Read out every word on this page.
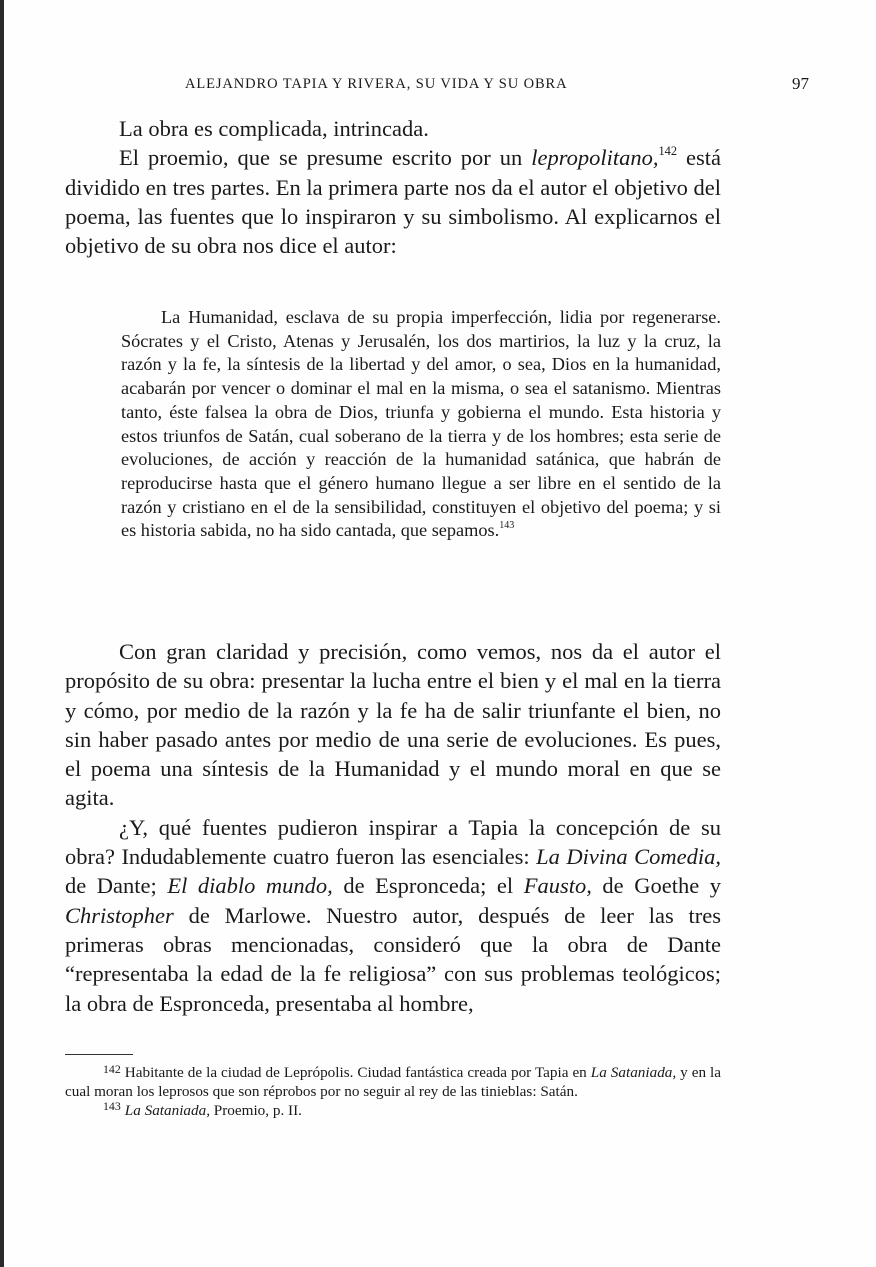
ALEJANDRO TAPIA Y RIVERA, SU VIDA Y SU OBRA	97

La obra es complicada, intrincada.

El proemio, que se presume escrito por un lepropolitano,$^{142}$ está dividido en tres partes. En la primera parte nos da el autor el objetivo del poema, las fuentes que lo inspiraron y su simbolismo. Al explicarnos el objetivo de su obra nos dice el autor:

La Humanidad, esclava de su propia imperfección, lidia por regenerarse. Sócrates y el Cristo, Atenas y Jerusalén, los dos martirios, la luz y la cruz, la razón y la fe, la síntesis de la libertad y del amor, o sea, Dios en la humanidad, acabarán por vencer o dominar el mal en la misma, o sea el satanismo. Mientras tanto, éste falsea la obra de Dios, triunfa y gobierna el mundo. Esta historia y estos triunfos de Satán, cual soberano de la tierra y de los hombres; esta serie de evoluciones, de acción y reacción de la humanidad satánica, que habrán de reproducirse hasta que el género humano llegue a ser libre en el sentido de la razón y cristiano en el de la sensibilidad, constituyen el objetivo del poema; y si es historia sabida, no ha sido cantada, que sepamos.$^{143}$

Con gran claridad y precisión, como vemos, nos da el autor el propósito de su obra: presentar la lucha entre el bien y el mal en la tierra y cómo, por medio de la razón y la fe ha de salir triunfante el bien, no sin haber pasado antes por medio de una serie de evoluciones. Es pues, el poema una síntesis de la Humanidad y el mundo moral en que se agita.

¿Y, qué fuentes pudieron inspirar a Tapia la concepción de su obra? Indudablemente cuatro fueron las esenciales: La Divina Comedia, de Dante; El diablo mundo, de Espronceda; el Fausto, de Goethe y Christopher de Marlowe. Nuestro autor, después de leer las tres primeras obras mencionadas, consideró que la obra de Dante “representaba la edad de la fe religiosa” con sus problemas teológicos; la obra de Espronceda, presentaba al hombre,

$^{142}$ Habitante de la ciudad de Leprópolis. Ciudad fantástica creada por Tapia en La Sataniada, y en la cual moran los leprosos que son réprobos por no seguir al rey de las tinieblas: Satán.

$^{143}$ La Sataniada, Proemio, p. II.
